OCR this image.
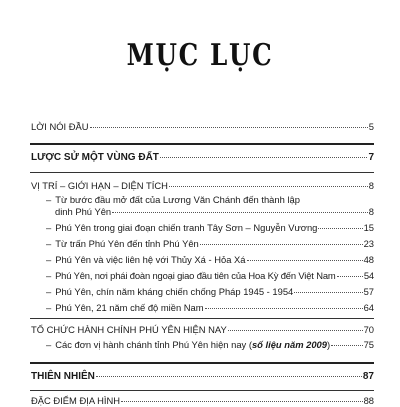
MỤC LỤC
LỜI NÓI ĐẦU	5
LƯỢC SỬ MỘT VÙNG ĐẤT	7
VỊ TRÍ – GIỚI HẠN – DIỆN TÍCH	8
– Từ bước đầu mở đất của Lương Văn Chánh đến thành lập
dinh Phú Yên	8
– Phú Yên trong giai đoạn chiến tranh Tây Sơn – Nguyễn Vương	15
– Từ trấn Phú Yên đến tỉnh Phú Yên	23
– Phú Yên và việc liên hệ với Thủy Xá - Hỏa Xá	48
– Phú Yên, nơi phái đoàn ngoại giao đầu tiên của Hoa Kỳ đến Việt Nam	54
– Phú Yên, chín năm kháng chiến chống Pháp 1945 - 1954	57
– Phú Yên, 21 năm chế độ miền Nam	64
TỔ CHỨC HÀNH CHÍNH PHÚ YÊN HIỆN NAY	70
– Các đơn vị hành chánh tỉnh Phú Yên hiện nay (số liệu năm 2009)	75
THIÊN NHIÊN	87
ĐẶC ĐIỂM ĐỊA HÌNH	88
